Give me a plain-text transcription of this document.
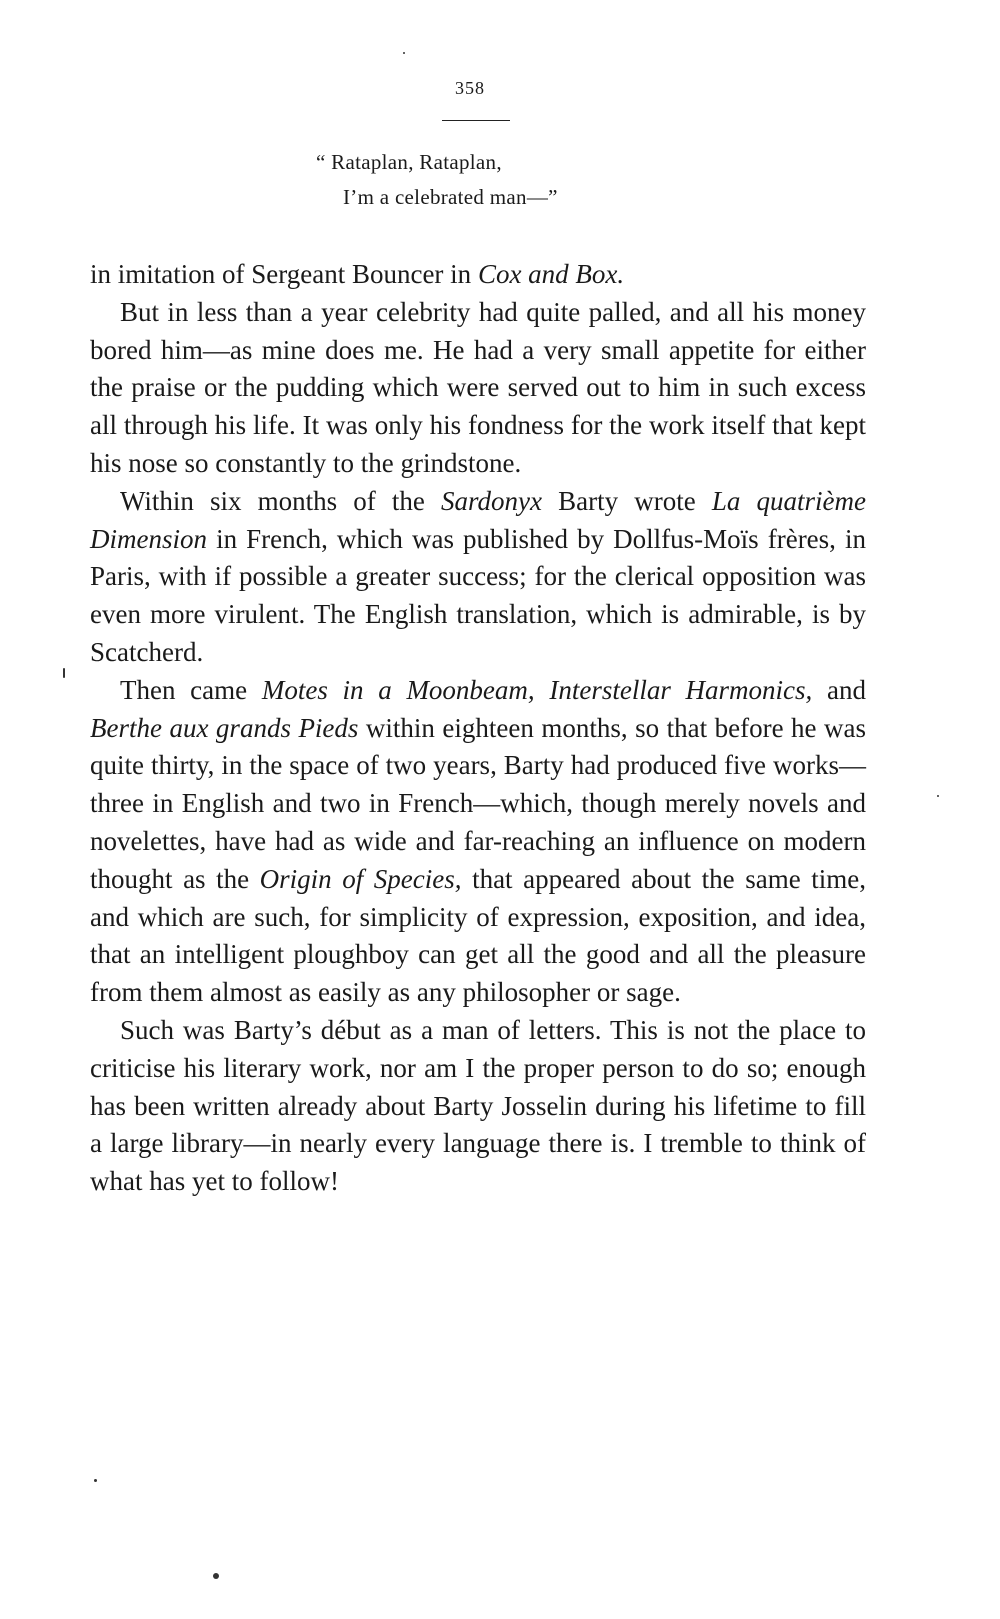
358
“ Rataplan, Rataplan,
I’m a celebrated man—”

in imitation of Sergeant Bouncer in Cox and Box.

But in less than a year celebrity had quite palled, and all his money bored him—as mine does me. He had a very small appetite for either the praise or the pudding which were served out to him in such excess all through his life. It was only his fondness for the work itself that kept his nose so constantly to the grindstone.

Within six months of the Sardonyx Barty wrote La quatrième Dimension in French, which was published by Dollfus-Moïs frères, in Paris, with if possible a greater success; for the clerical opposition was even more virulent. The English translation, which is admirable, is by Scatcherd.

Then came Motes in a Moonbeam, Interstellar Harmonics, and Berthe aux grands Pieds within eighteen months, so that before he was quite thirty, in the space of two years, Barty had produced five works—three in English and two in French—which, though merely novels and novelettes, have had as wide and far-reaching an influence on modern thought as the Origin of Species, that appeared about the same time, and which are such, for simplicity of expression, exposition, and idea, that an intelligent ploughboy can get all the good and all the pleasure from them almost as easily as any philosopher or sage.

Such was Barty’s début as a man of letters. This is not the place to criticise his literary work, nor am I the proper person to do so; enough has been written already about Barty Josselin during his lifetime to fill a large library—in nearly every language there is. I tremble to think of what has yet to follow!
